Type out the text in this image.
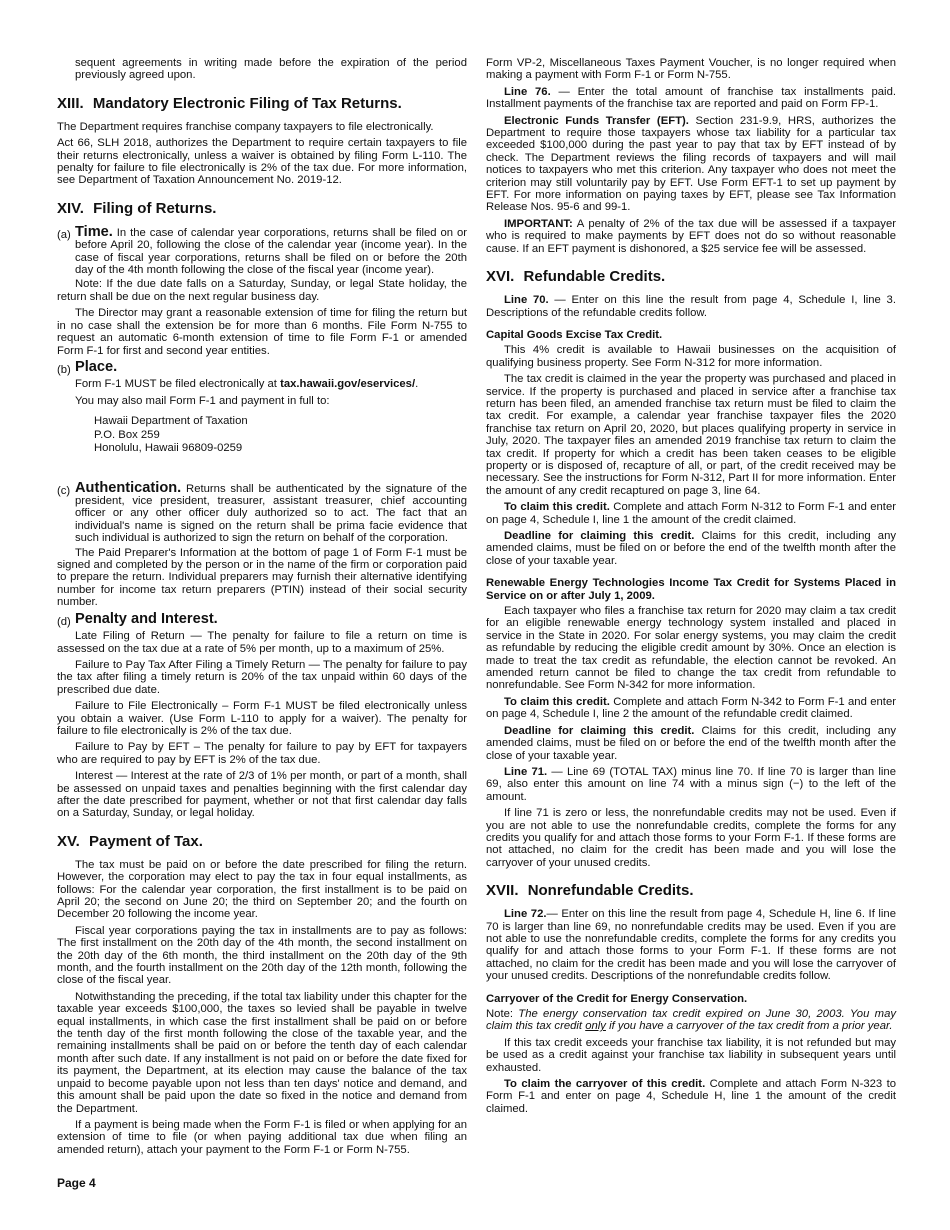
sequent agreements in writing made before the expiration of the period previously agreed upon.

XIII. Mandatory Electronic Filing of Tax Returns.

The Department requires franchise company taxpayers to file electronically.

Act 66, SLH 2018, authorizes the Department to require certain taxpayers to file their returns electronically, unless a waiver is obtained by filing Form L-110. The penalty for failure to file electronically is 2% of the tax due. For more information, see Department of Taxation Announcement No. 2019-12.

XIV. Filing of Returns.
(a) Time. In the case of calendar year corporations, returns shall be filed on or before April 20, following the close of the calendar year (income year). In the case of fiscal year corporations, returns shall be filed on or before the 20th day of the 4th month following the close of the fiscal year (income year).

Note: If the due date falls on a Saturday, Sunday, or legal State holiday, the return shall be due on the next regular business day.

The Director may grant a reasonable extension of time for filing the return but in no case shall the extension be for more than 6 months. File Form N-755 to request an automatic 6-month extension of time to file Form F-1 or amended Form F-1 for first and second year entities.

(b) Place.

Form F-1 MUST be filed electronically at tax.hawaii.gov/eservices/.

You may also mail Form F-1 and payment in full to:

Hawaii Department of Taxation
P.O. Box 259
Honolulu, Hawaii 96809-0259
(c) Authentication. Returns shall be authenticated by the signature of the president, vice president, treasurer, assistant treasurer, chief accounting officer or any other officer duly authorized so to act. The fact that an individual's name is signed on the return shall be prima facie evidence that such individual is authorized to sign the return on behalf of the corporation.

The Paid Preparer's Information at the bottom of page 1 of Form F-1 must be signed and completed by the person or in the name of the firm or corporation paid to prepare the return. Individual preparers may furnish their alternative identifying number for income tax return preparers (PTIN) instead of their social security number.

(d) Penalty and Interest.

Late Filing of Return — The penalty for failure to file a return on time is assessed on the tax due at a rate of 5% per month, up to a maximum of 25%.

Failure to Pay Tax After Filing a Timely Return — The penalty for failure to pay the tax after filing a timely return is 20% of the tax unpaid within 60 days of the prescribed due date.

Failure to File Electronically – Form F-1 MUST be filed electronically unless you obtain a waiver. (Use Form L-110 to apply for a waiver). The penalty for failure to file electronically is 2% of the tax due.

Failure to Pay by EFT – The penalty for failure to pay by EFT for taxpayers who are required to pay by EFT is 2% of the tax due.

Interest — Interest at the rate of 2/3 of 1% per month, or part of a month, shall be assessed on unpaid taxes and penalties beginning with the first calendar day after the date prescribed for payment, whether or not that first calendar day falls on a Saturday, Sunday, or legal holiday.

XV. Payment of Tax.

The tax must be paid on or before the date prescribed for filing the return. However, the corporation may elect to pay the tax in four equal installments, as follows: For the calendar year corporation, the first installment is to be paid on April 20; the second on June 20; the third on September 20; and the fourth on December 20 following the income year.

Fiscal year corporations paying the tax in installments are to pay as follows: The first installment on the 20th day of the 4th month, the second installment on the 20th day of the 6th month, the third installment on the 20th day of the 9th month, and the fourth installment on the 20th day of the 12th month, following the close of the fiscal year.

Notwithstanding the preceding, if the total tax liability under this chapter for the taxable year exceeds $100,000, the taxes so levied shall be payable in twelve equal installments, in which case the first installment shall be paid on or before the tenth day of the first month following the close of the taxable year, and the remaining installments shall be paid on or before the tenth day of each calendar month after such date. If any installment is not paid on or before the date fixed for its payment, the Department, at its election may cause the balance of the tax unpaid to become payable upon not less than ten days' notice and demand, and this amount shall be paid upon the date so fixed in the notice and demand from the Department.

If a payment is being made when the Form F-1 is filed or when applying for an extension of time to file (or when paying additional tax due when filing an amended return), attach your payment to the Form F-1 or Form N-755.

Form VP-2, Miscellaneous Taxes Payment Voucher, is no longer required when making a payment with Form F-1 or Form N-755.

Line 76. — Enter the total amount of franchise tax installments paid. Installment payments of the franchise tax are reported and paid on Form FP-1.

Electronic Funds Transfer (EFT). Section 231-9.9, HRS, authorizes the Department to require those taxpayers whose tax liability for a particular tax exceeded $100,000 during the past year to pay that tax by EFT instead of by check. The Department reviews the filing records of taxpayers and will mail notices to taxpayers who met this criterion. Any taxpayer who does not meet the criterion may still voluntarily pay by EFT. Use Form EFT-1 to set up payment by EFT. For more information on paying taxes by EFT, please see Tax Information Release Nos. 95-6 and 99-1.

IMPORTANT: A penalty of 2% of the tax due will be assessed if a taxpayer who is required to make payments by EFT does not do so without reasonable cause. If an EFT payment is dishonored, a $25 service fee will be assessed.

XVI. Refundable Credits.

Line 70. — Enter on this line the result from page 4, Schedule I, line 3. Descriptions of the refundable credits follow.

Capital Goods Excise Tax Credit.

This 4% credit is available to Hawaii businesses on the acquisition of qualifying business property. See Form N-312 for more information.

The tax credit is claimed in the year the property was purchased and placed in service. If the property is purchased and placed in service after a franchise tax return has been filed, an amended franchise tax return must be filed to claim the tax credit. For example, a calendar year franchise taxpayer files the 2020 franchise tax return on April 20, 2020, but places qualifying property in service in July, 2020. The taxpayer files an amended 2019 franchise tax return to claim the tax credit. If property for which a credit has been taken ceases to be eligible property or is disposed of, recapture of all, or part, of the credit received may be necessary. See the instructions for Form N-312, Part II for more information. Enter the amount of any credit recaptured on page 3, line 64.

To claim this credit. Complete and attach Form N-312 to Form F-1 and enter on page 4, Schedule I, line 1 the amount of the credit claimed.

Deadline for claiming this credit. Claims for this credit, including any amended claims, must be filed on or before the end of the twelfth month after the close of your taxable year.

Renewable Energy Technologies Income Tax Credit for Systems Placed in Service on or after July 1, 2009.

Each taxpayer who files a franchise tax return for 2020 may claim a tax credit for an eligible renewable energy technology system installed and placed in service in the State in 2020. For solar energy systems, you may claim the credit as refundable by reducing the eligible credit amount by 30%. Once an election is made to treat the tax credit as refundable, the election cannot be revoked. An amended return cannot be filed to change the tax credit from refundable to nonrefundable. See Form N-342 for more information.

To claim this credit. Complete and attach Form N-342 to Form F-1 and enter on page 4, Schedule I, line 2 the amount of the refundable credit claimed.

Deadline for claiming this credit. Claims for this credit, including any amended claims, must be filed on or before the end of the twelfth month after the close of your taxable year.

Line 71. — Line 69 (TOTAL TAX) minus line 70. If line 70 is larger than line 69, also enter this amount on line 74 with a minus sign (−) to the left of the amount.

If line 71 is zero or less, the nonrefundable credits may not be used. Even if you are not able to use the nonrefundable credits, complete the forms for any credits you qualify for and attach those forms to your Form F-1. If these forms are not attached, no claim for the credit has been made and you will lose the carryover of your unused credits.

XVII. Nonrefundable Credits.

Line 72.— Enter on this line the result from page 4, Schedule H, line 6. If line 70 is larger than line 69, no nonrefundable credits may be used. Even if you are not able to use the nonrefundable credits, complete the forms for any credits you qualify for and attach those forms to your Form F-1. If these forms are not attached, no claim for the credit has been made and you will lose the carryover of your unused credits. Descriptions of the nonrefundable credits follow.

Carryover of the Credit for Energy Conservation.

Note: The energy conservation tax credit expired on June 30, 2003. You may claim this tax credit only if you have a carryover of the tax credit from a prior year.

If this tax credit exceeds your franchise tax liability, it is not refunded but may be used as a credit against your franchise tax liability in subsequent years until exhausted.

To claim the carryover of this credit. Complete and attach Form N-323 to Form F-1 and enter on page 4, Schedule H, line 1 the amount of the credit claimed.

Page 4
